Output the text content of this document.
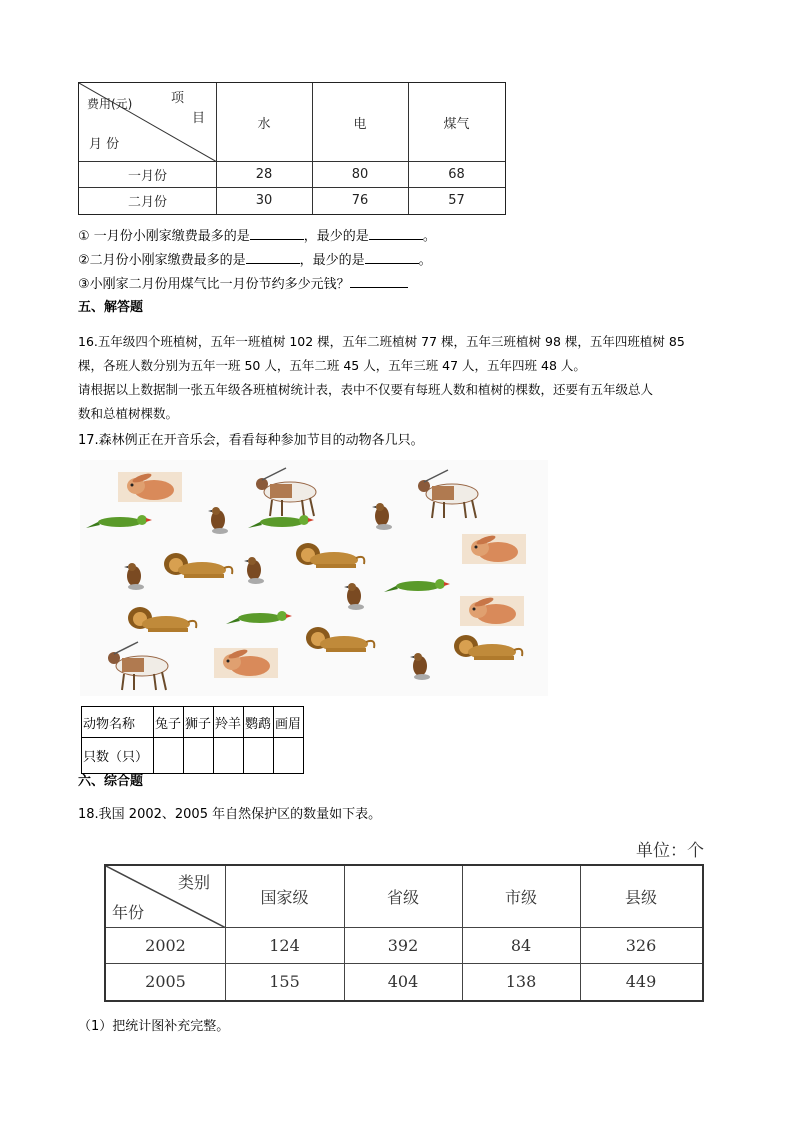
项
目
费用(元)
月 份
水	电	煤气
一月份	28	80	68
二月份	30	76	57
① 一月份小刚家缴费最多的是	，最少的是	。
②二月份小刚家缴费最多的是	，最少的是	。
③小刚家二月份用煤气比一月份节约多少元钱？
五、解答题
16.五年级四个班植树，五年一班植树 102 棵，五年二班植树 77 棵，五年三班植树 98 棵，五年四班植树 85
棵，各班人数分别为五年一班 50 人，五年二班 45 人，五年三班 47 人，五年四班 48 人。
请根据以上数据制一张五年级各班植树统计表，表中不仅要有每班人数和植树的棵数，还要有五年级总人
数和总植树棵数。
17.森林例正在开音乐会，看看每种参加节目的动物各几只。
动物名称	兔子	狮子	羚羊	鹦鹉	画眉
只数（只）					
六、综合题
18.我国 2002、2005 年自然保护区的数量如下表。
单位：个
类别
年份
国家级	省级	市级	县级
2002	124	392	84	326
2005	155	404	138	449
（1）把统计图补充完整。
